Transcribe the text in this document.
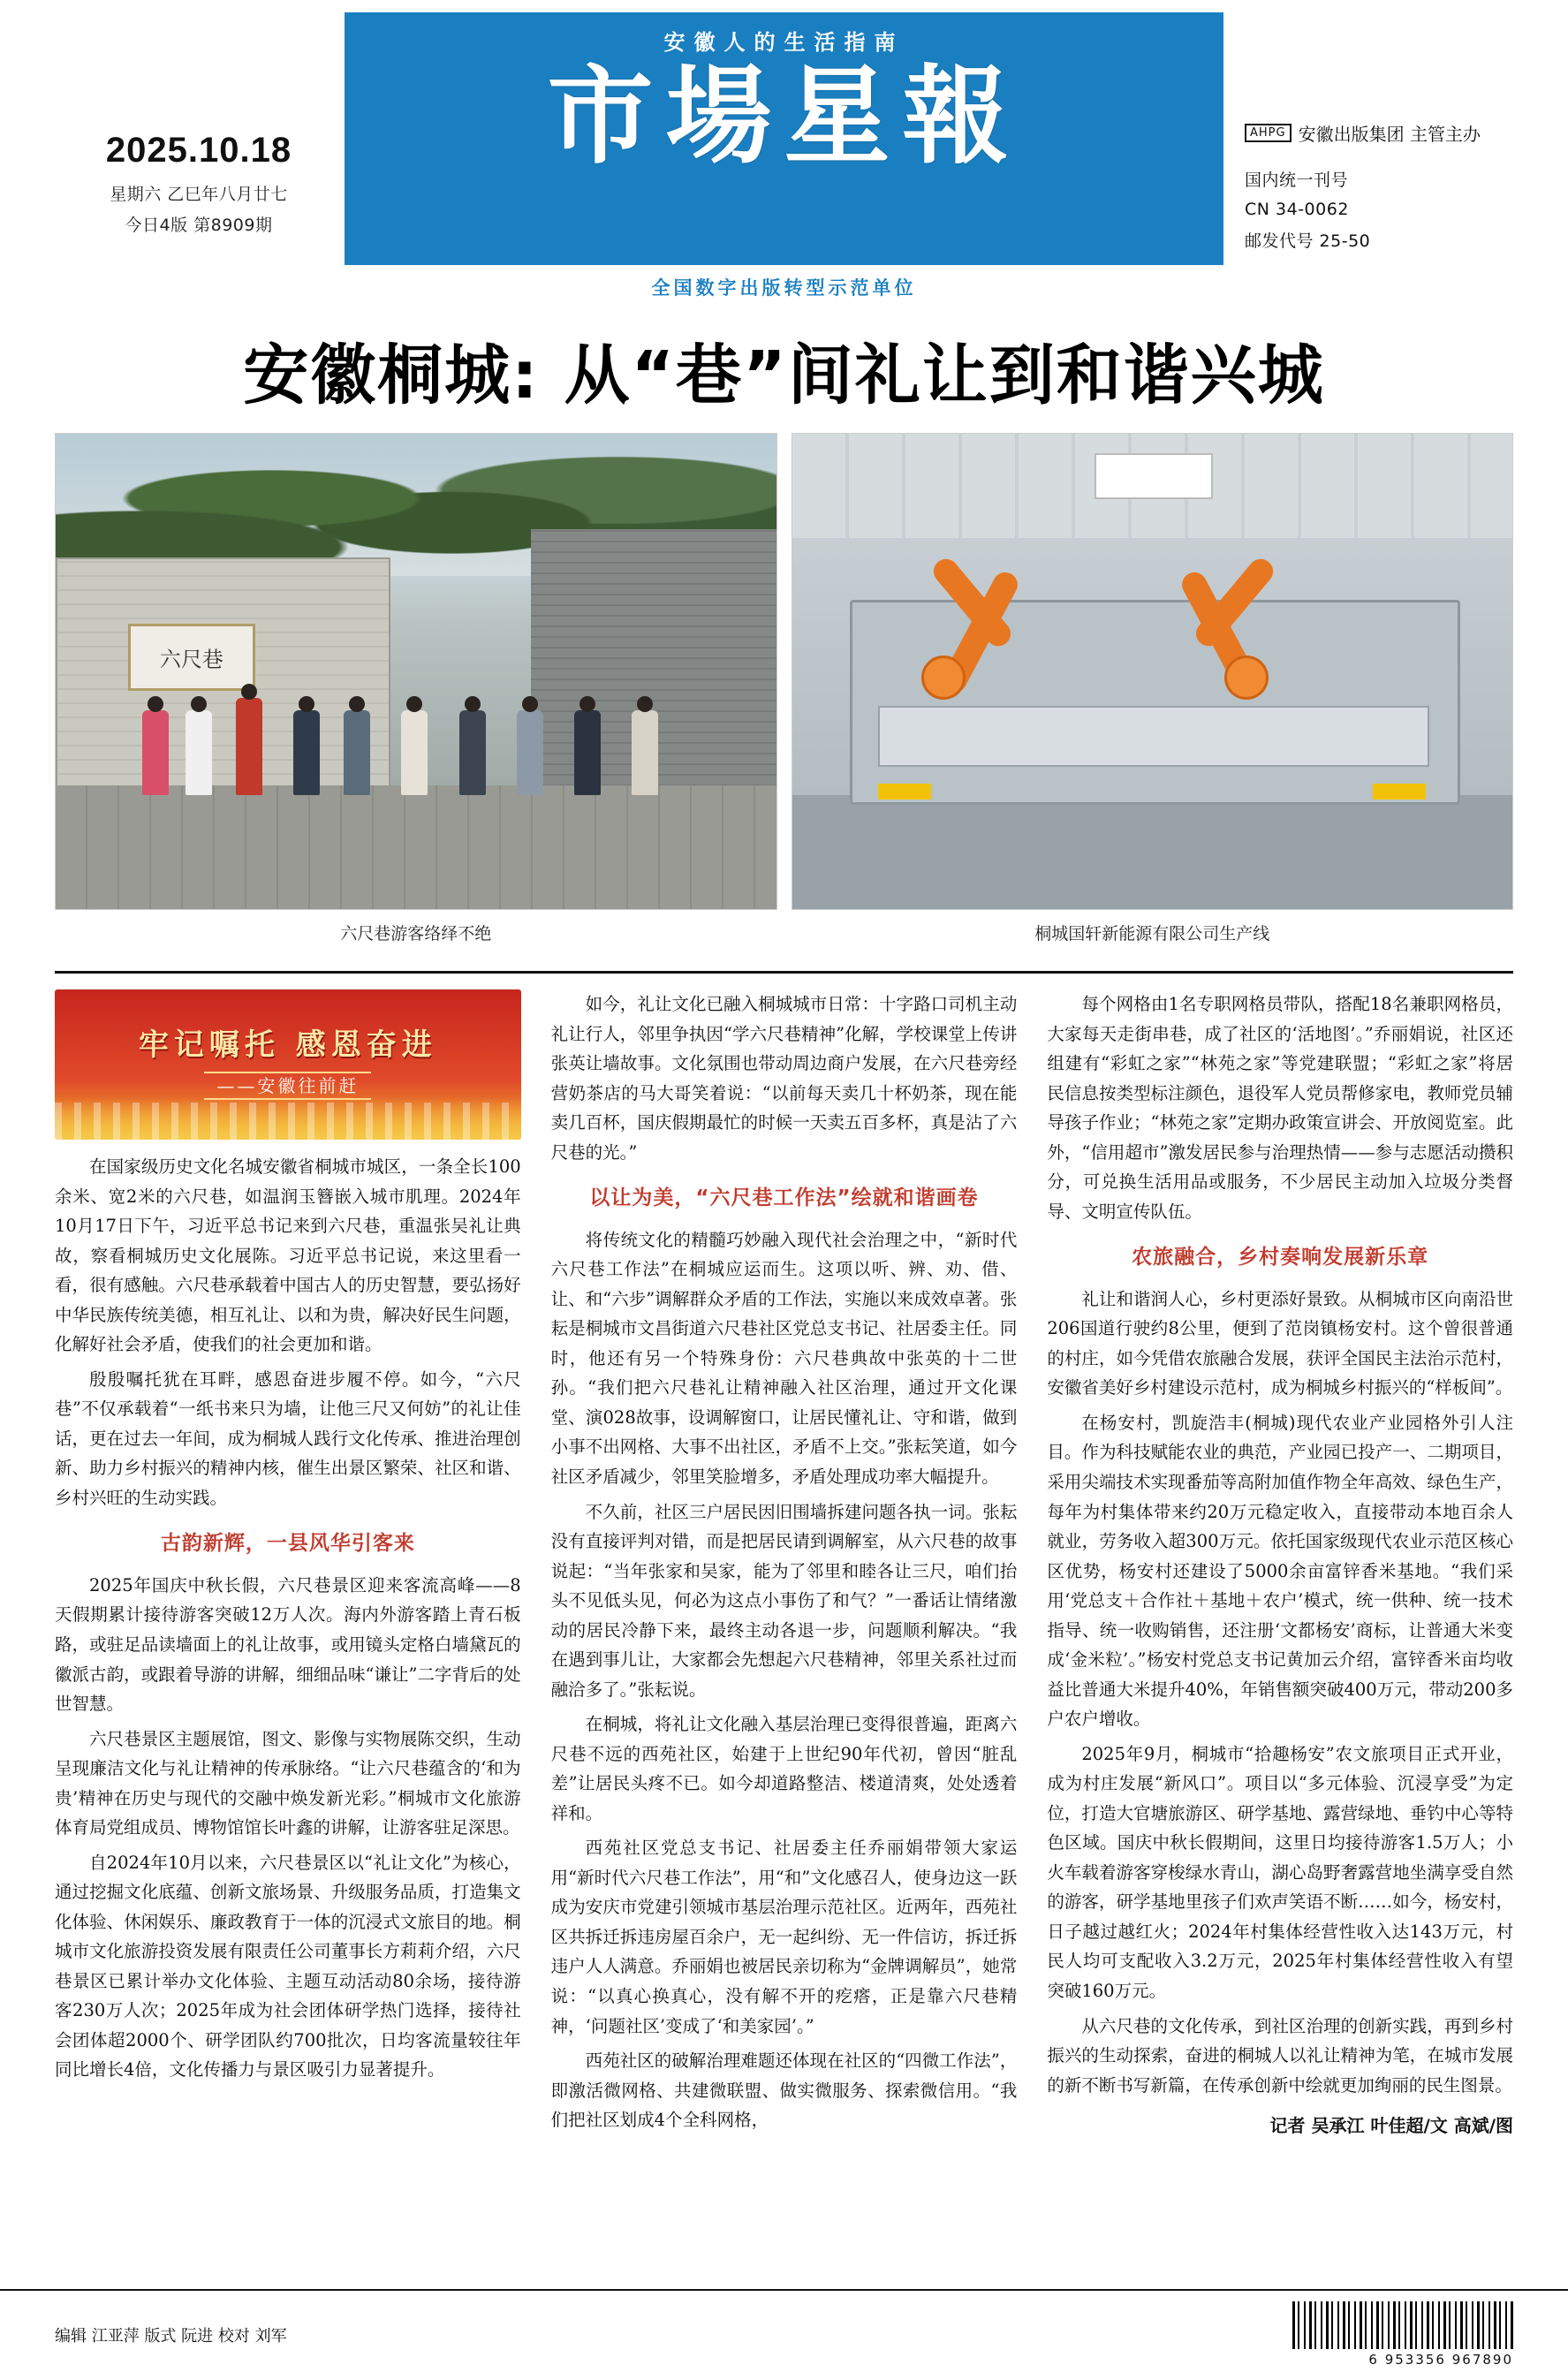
2025.10.18
星期六 乙巳年八月廿七
今日4版 第8909期
安徽人的生活指南
市場星報
全国数字出版转型示范单位
AHPG 安徽出版集团 主管主办
国内统一刊号
CN 34-0062
邮发代号 25-50
安徽桐城: 从“巷”间礼让到和谐兴城
六尺巷
六尺巷游客络绎不绝	桐城国轩新能源有限公司生产线
牢记嘱托 感恩奋进
——安徽往前赶

在国家级历史文化名城安徽省桐城市城区，一条全长100余米、宽2米的六尺巷，如温润玉簪嵌入城市肌理。2024年10月17日下午，习近平总书记来到六尺巷，重温张吴礼让典故，察看桐城历史文化展陈。习近平总书记说，来这里看一看，很有感触。六尺巷承载着中国古人的历史智慧，要弘扬好中华民族传统美德，相互礼让、以和为贵，解决好民生问题，化解好社会矛盾，使我们的社会更加和谐。

殷殷嘱托犹在耳畔，感恩奋进步履不停。如今，“六尺巷”不仅承载着“一纸书来只为墙，让他三尺又何妨”的礼让佳话，更在过去一年间，成为桐城人践行文化传承、推进治理创新、助力乡村振兴的精神内核，催生出景区繁荣、社区和谐、乡村兴旺的生动实践。

古韵新辉，一县风华引客来

2025年国庆中秋长假，六尺巷景区迎来客流高峰——8天假期累计接待游客突破12万人次。海内外游客踏上青石板路，或驻足品读墙面上的礼让故事，或用镜头定格白墙黛瓦的徽派古韵，或跟着导游的讲解，细细品味“谦让”二字背后的处世智慧。

六尺巷景区主题展馆，图文、影像与实物展陈交织，生动呈现廉洁文化与礼让精神的传承脉络。“让六尺巷蕴含的‘和为贵’精神在历史与现代的交融中焕发新光彩。”桐城市文化旅游体育局党组成员、博物馆馆长叶鑫的讲解，让游客驻足深思。

自2024年10月以来，六尺巷景区以“礼让文化”为核心，通过挖掘文化底蕴、创新文旅场景、升级服务品质，打造集文化体验、休闲娱乐、廉政教育于一体的沉浸式文旅目的地。桐城市文化旅游投资发展有限责任公司董事长方莉莉介绍，六尺巷景区已累计举办文化体验、主题互动活动80余场，接待游客230万人次；2025年成为社会团体研学热门选择，接待社会团体超2000个、研学团队约700批次，日均客流量较往年同比增长4倍，文化传播力与景区吸引力显著提升。

如今，礼让文化已融入桐城城市日常：十字路口司机主动礼让行人，邻里争执因“学六尺巷精神”化解，学校课堂上传讲张英让墙故事。文化氛围也带动周边商户发展，在六尺巷旁经营奶茶店的马大哥笑着说：“以前每天卖几十杯奶茶，现在能卖几百杯，国庆假期最忙的时候一天卖五百多杯，真是沾了六尺巷的光。”

以让为美，“六尺巷工作法”绘就和谐画卷

将传统文化的精髓巧妙融入现代社会治理之中，“新时代六尺巷工作法”在桐城应运而生。这项以听、辨、劝、借、让、和“六步”调解群众矛盾的工作法，实施以来成效卓著。张耘是桐城市文昌街道六尺巷社区党总支书记、社居委主任。同时，他还有另一个特殊身份：六尺巷典故中张英的十二世孙。“我们把六尺巷礼让精神融入社区治理，通过开文化课堂、演028故事，设调解窗口，让居民懂礼让、守和谐，做到小事不出网格、大事不出社区，矛盾不上交。”张耘笑道，如今社区矛盾减少，邻里笑脸增多，矛盾处理成功率大幅提升。

不久前，社区三户居民因旧围墙拆建问题各执一词。张耘没有直接评判对错，而是把居民请到调解室，从六尺巷的故事说起：“当年张家和吴家，能为了邻里和睦各让三尺，咱们抬头不见低头见，何必为这点小事伤了和气？”一番话让情绪激动的居民冷静下来，最终主动各退一步，问题顺利解决。“我在遇到事儿让，大家都会先想起六尺巷精神，邻里关系社过而融洽多了。”张耘说。

在桐城，将礼让文化融入基层治理已变得很普遍，距离六尺巷不远的西苑社区，始建于上世纪90年代初，曾因“脏乱差”让居民头疼不已。如今却道路整洁、楼道清爽，处处透着祥和。

西苑社区党总支书记、社居委主任乔丽娟带领大家运用“新时代六尺巷工作法”，用“和”文化感召人，使身边这一跃成为安庆市党建引领城市基层治理示范社区。近两年，西苑社区共拆迁拆违房屋百余户，无一起纠纷、无一件信访，拆迁拆违户人人满意。乔丽娟也被居民亲切称为“金牌调解员”，她常说：“以真心换真心，没有解不开的疙瘩，正是靠六尺巷精神，‘问题社区’变成了‘和美家园’。”

西苑社区的破解治理难题还体现在社区的“四微工作法”，即激活微网格、共建微联盟、做实微服务、探索微信用。“我们把社区划成4个全科网格，

每个网格由1名专职网格员带队，搭配18名兼职网格员，大家每天走街串巷，成了社区的‘活地图’。”乔丽娟说，社区还组建有“彩虹之家”“林苑之家”等党建联盟；“彩虹之家”将居民信息按类型标注颜色，退役军人党员帮修家电，教师党员辅导孩子作业；“林苑之家”定期办政策宣讲会、开放阅览室。此外，“信用超市”激发居民参与治理热情——参与志愿活动攒积分，可兑换生活用品或服务，不少居民主动加入垃圾分类督导、文明宣传队伍。

农旅融合，乡村奏响发展新乐章

礼让和谐润人心，乡村更添好景致。从桐城市区向南沿世206国道行驶约8公里，便到了范岗镇杨安村。这个曾很普通的村庄，如今凭借农旅融合发展，获评全国民主法治示范村，安徽省美好乡村建设示范村，成为桐城乡村振兴的“样板间”。

在杨安村，凯旋浩丰(桐城)现代农业产业园格外引人注目。作为科技赋能农业的典范，产业园已投产一、二期项目，采用尖端技术实现番茄等高附加值作物全年高效、绿色生产，每年为村集体带来约20万元稳定收入，直接带动本地百余人就业，劳务收入超300万元。依托国家级现代农业示范区核心区优势，杨安村还建设了5000余亩富锌香米基地。“我们采用‘党总支＋合作社＋基地＋农户’模式，统一供种、统一技术指导、统一收购销售，还注册‘文都杨安’商标，让普通大米变成‘金米粒’。”杨安村党总支书记黄加云介绍，富锌香米亩均收益比普通大米提升40%，年销售额突破400万元，带动200多户农户增收。

2025年9月，桐城市“拾趣杨安”农文旅项目正式开业，成为村庄发展“新风口”。项目以“多元体验、沉浸享受”为定位，打造大官塘旅游区、研学基地、露营绿地、垂钓中心等特色区域。国庆中秋长假期间，这里日均接待游客1.5万人；小火车载着游客穿梭绿水青山，湖心岛野奢露营地坐满享受自然的游客，研学基地里孩子们欢声笑语不断……如今，杨安村，日子越过越红火；2024年村集体经营性收入达143万元，村民人均可支配收入3.2万元，2025年村集体经营性收入有望突破160万元。

从六尺巷的文化传承，到社区治理的创新实践，再到乡村振兴的生动探索，奋进的桐城人以礼让精神为笔，在城市发展的新不断书写新篇，在传承创新中绘就更加绚丽的民生图景。

记者 吴承江 叶佳超/文 高斌/图
编辑 江亚萍 版式 阮进 校对 刘军
6 953356 967890
